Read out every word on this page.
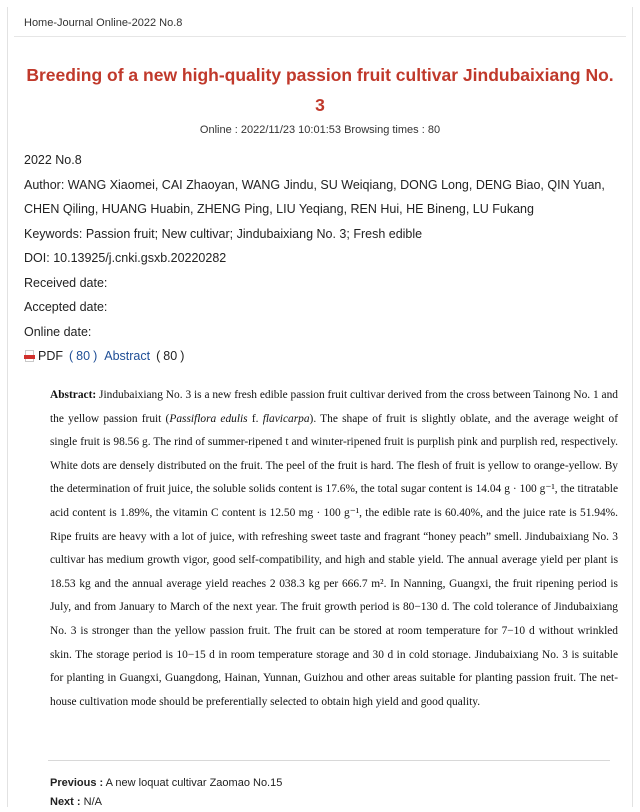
Home-Journal Online-2022 No.8
Breeding of a new high-quality passion fruit cultivar Jindubaixiang No. 3
Online : 2022/11/23 10:01:53 Browsing times : 80
2022 No.8
Author: WANG Xiaomei, CAI Zhaoyan, WANG Jindu, SU Weiqiang, DONG Long, DENG Biao, QIN Yuan,
CHEN Qiling, HUANG Huabin, ZHENG Ping, LIU Yeqiang, REN Hui, HE Bineng, LU Fukang
Keywords: Passion fruit; New cultivar; Jindubaixiang No. 3; Fresh edible
DOI: 10.13925/j.cnki.gsxb.20220282
Received date:
Accepted date:
Online date:
PDF ( 80 ) Abstract ( 80 )
Abstract: Jindubaixiang No. 3 is a new fresh edible passion fruit cultivar derived from the cross between Tainong No. 1 and the yellow passion fruit (Passiflora edulis f. flavicarpa). The shape of fruit is slightly oblate, and the average weight of single fruit is 98.56 g. The rind of summer-ripened t and winıter-ripened fruit is purplish pink and purplish red, respectively. White dots are densely distributed on the fruit. The peel of the fruit is hard. The flesh of fruit is yellow to orange-yellow. By the determination of fruit juice, the soluble solids content is 17.6%, the total sugar content is 14.04 g · 100 g⁻¹, the titratable acid content is 1.89%, the vitamin C content is 12.50 mg · 100 g⁻¹, the edible rate is 60.40%, and the juice rate is 51.94%. Ripe fruits are heavy with a lot of juice, with refreshing sweet taste and fragrant “honey peach” smell. Jindubaixiang No. 3 cultivar has medium growth vigor, good self-compatibility, and high and stable yield. The annual average yield per plant is 18.53 kg and the annual average yield reaches 2 038.3 kg per 666.7 m². In Nanning, Guangxi, the fruit ripening period is July, and from January to March of the next year. The fruit growth period is 80−130 d. The cold tolerance of Jindubaixiang No. 3 is stronger than the yellow passion fruit. The fruit can be stored at room temperature for 7−10 d without wrinkled skin. The storage period is 10−15 d in room temperature storage and 30 d in cold storıage. Jindubaixiang No. 3 is suitable for planting in Guangxi, Guangdong, Hainan, Yunnan, Guizhou and other areas suitable for planting passion fruit. The net-house cultivation mode should be preferentially selected to obtain high yield and good quality.
Previous : A new loquat cultivar Zaomao No.15
Next : N/A
